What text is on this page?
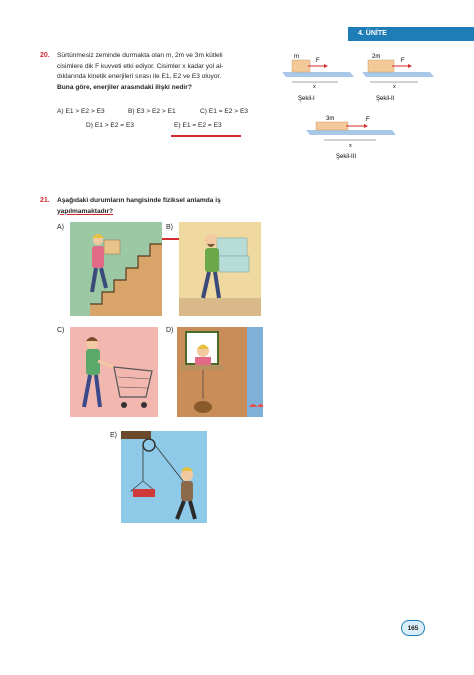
4. ÜNİTE
20. Sürtünmesiz zeminde durmakta olan m, 2m ve 3m kütleli
cisimlere dik F kuvveti etki ediyor. Cisimler x kadar yol al-
dıklarında kinetik enerjileri sırası ile E1, E2 ve E3 oluyor.
Buna göre, enerjiler arasındaki ilişki nedir?
A) E1 > E2 > E3	B) E3 > E2 > E1	C) E1 = E2 > E3
D) E1 > E2 = E3	E) E1 = E2 = E3
m
F
x
Şekil-I
2m
F
x
Şekil-II
3m	F
x
Şekil-III
21. Aşağıdaki durumların hangisinde fiziksel anlamda iş
yapılmamaktadır?
A)	B)
C)	D)
E)
165
